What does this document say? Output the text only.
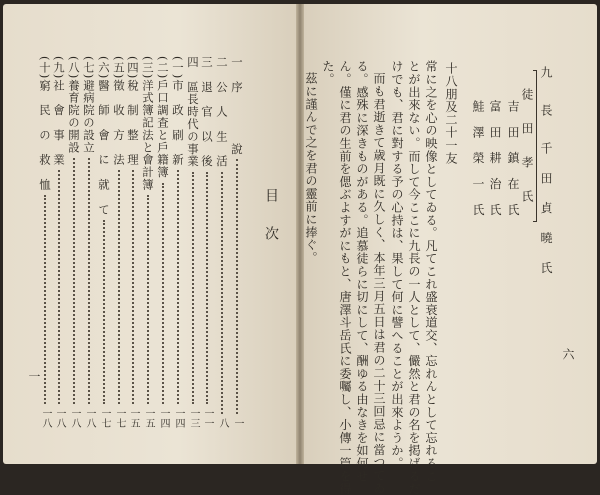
九　長　千 田 貞 曉 氏
徒　田　孝　氏
吉 田 鎮 在 氏
富 田 耕 治 氏
鮭 澤 榮 一 氏
十八朋及二十一友
常に之を心の映像としてゐる。凡てこれ盛衰道交、忘れんとして忘れるこ
とが出來ない。而して今ここに九長の一人として、儼然と君の名を掲げるだ
けでも、君に對する予の心持は、果して何に譬へることが出來ようか。
而も君逝きて歳月既に久しく、本年三月五日は君の二十三回忌に當つてゐ
る。感殊に深きものがある。追慕徒らに切にして、酬ゆる由なきを如何せ
ん。僅に君の生前を偲ぶよすがにもと、唐澤斗岳氏に委囑し、小傳一篇を得
た。
茲に謹んで之を君の靈前に捧ぐ。
六
目次
一　序　　　　說
一
二　公　人　生　活
八
三　退　官　以　後
一一
四　區長時代の事業
一三
(一)市　政　刷　新
一四
(二)戶口調査と戶籍簿
一四
(三)洋式簿記法と會計簿
一五
(四)稅　制　整　理
一五
(五)徵　收　方　法
一七
(六)醫　師　會　に　就　て
一七
(七)避病院の設立
一八
(八)養育院の開設
一八
(九)社　會　事　業
一八
(十)窮　民　の　救　恤
一八
一
